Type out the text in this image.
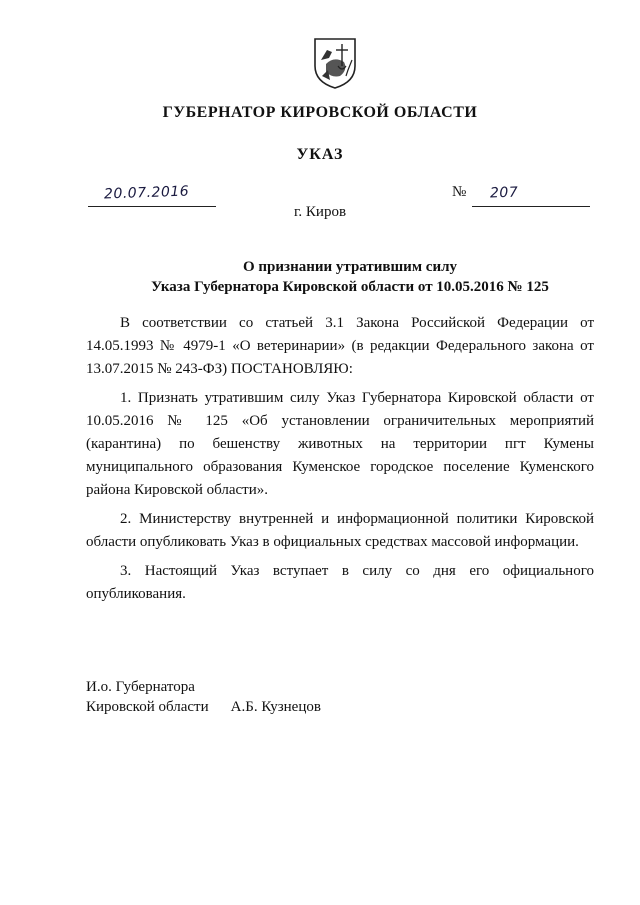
ГУБЕРНАТОР КИРОВСКОЙ ОБЛАСТИ
УКАЗ
20.07.2016	№ 207
г. Киров
О признании утратившим силу
Указа Губернатора Кировской области от 10.05.2016 № 125

В соответствии со статьей 3.1 Закона Российской Федерации от 14.05.1993 № 4979-1 «О ветеринарии» (в редакции Федерального закона от 13.07.2015 № 243-ФЗ) ПОСТАНОВЛЯЮ:

1. Признать утратившим силу Указ Губернатора Кировской области от 10.05.2016 № 125 «Об установлении ограничительных мероприятий (карантина) по бешенству животных на территории пгт Кумены муниципального образования Куменское городское поселение Куменского района Кировской области».

2. Министерству внутренней и информационной политики Кировской области опубликовать Указ в официальных средствах массовой информации.

3. Настоящий Указ вступает в силу со дня его официального опубликования.

И.о. Губернатора
Кировской области А.Б. Кузнецов
